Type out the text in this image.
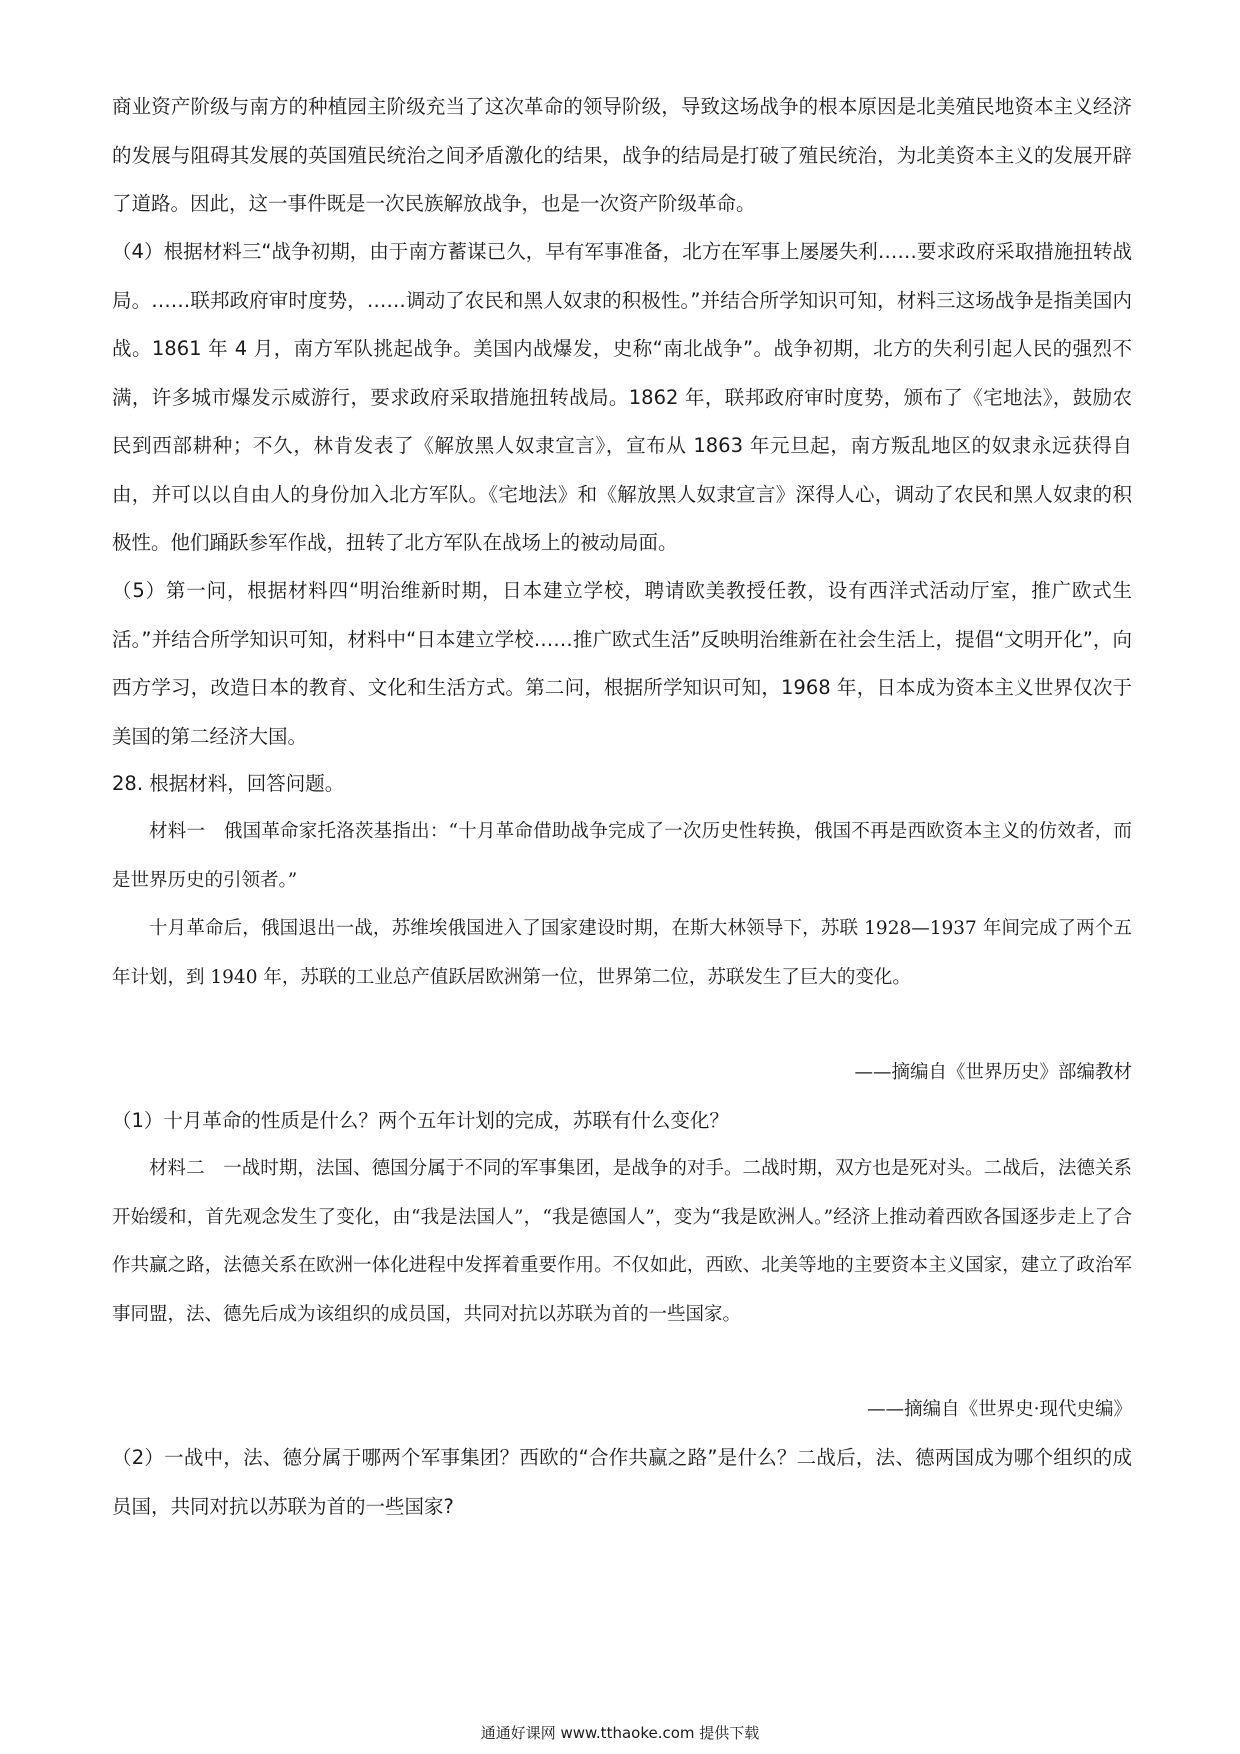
商业资产阶级与南方的种植园主阶级充当了这次革命的领导阶级，导致这场战争的根本原因是北美殖民地资本主义经济的发展与阻碍其发展的英国殖民统治之间矛盾激化的结果，战争的结局是打破了殖民统治，为北美资本主义的发展开辟了道路。因此，这一事件既是一次民族解放战争，也是一次资产阶级革命。

（4）根据材料三“战争初期，由于南方蓄谋已久，早有军事准备，北方在军事上屡屡失利……要求政府采取措施扭转战局。……联邦政府审时度势，……调动了农民和黑人奴隶的积极性。”并结合所学知识可知，材料三这场战争是指美国内战。1861 年 4 月，南方军队挑起战争。美国内战爆发，史称“南北战争”。战争初期，北方的失利引起人民的强烈不满，许多城市爆发示威游行，要求政府采取措施扭转战局。1862 年，联邦政府审时度势，颁布了《宅地法》，鼓励农民到西部耕种；不久，林肯发表了《解放黑人奴隶宣言》，宣布从 1863 年元旦起，南方叛乱地区的奴隶永远获得自由，并可以以自由人的身份加入北方军队。《宅地法》和《解放黑人奴隶宣言》深得人心，调动了农民和黑人奴隶的积极性。他们踊跃参军作战，扭转了北方军队在战场上的被动局面。

（5）第一问，根据材料四“明治维新时期，日本建立学校，聘请欧美教授任教，设有西洋式活动厅室，推广欧式生活。”并结合所学知识可知，材料中“日本建立学校……推广欧式生活”反映明治维新在社会生活上，提倡“文明开化”，向西方学习，改造日本的教育、文化和生活方式。第二问，根据所学知识可知，1968 年，日本成为资本主义世界仅次于美国的第二经济大国。

28. 根据材料，回答问题。

材料一　俄国革命家托洛茨基指出：“十月革命借助战争完成了一次历史性转换，俄国不再是西欧资本主义的仿效者，而是世界历史的引领者。”

十月革命后，俄国退出一战，苏维埃俄国进入了国家建设时期，在斯大林领导下，苏联 1928—1937 年间完成了两个五年计划，到 1940 年，苏联的工业总产值跃居欧洲第一位，世界第二位，苏联发生了巨大的变化。

——摘编自《世界历史》部编教材

（1）十月革命的性质是什么？两个五年计划的完成，苏联有什么变化？

材料二　一战时期，法国、德国分属于不同的军事集团，是战争的对手。二战时期，双方也是死对头。二战后，法德关系开始缓和，首先观念发生了变化，由“我是法国人”，“我是德国人”，变为“我是欧洲人。”经济上推动着西欧各国逐步走上了合作共赢之路，法德关系在欧洲一体化进程中发挥着重要作用。不仅如此，西欧、北美等地的主要资本主义国家，建立了政治军事同盟，法、德先后成为该组织的成员国，共同对抗以苏联为首的一些国家。

——摘编自《世界史·现代史编》

（2）一战中，法、德分属于哪两个军事集团？西欧的“合作共赢之路”是什么？二战后，法、德两国成为哪个组织的成员国，共同对抗以苏联为首的一些国家?

通通好课网 www.tthaoke.com 提供下载
